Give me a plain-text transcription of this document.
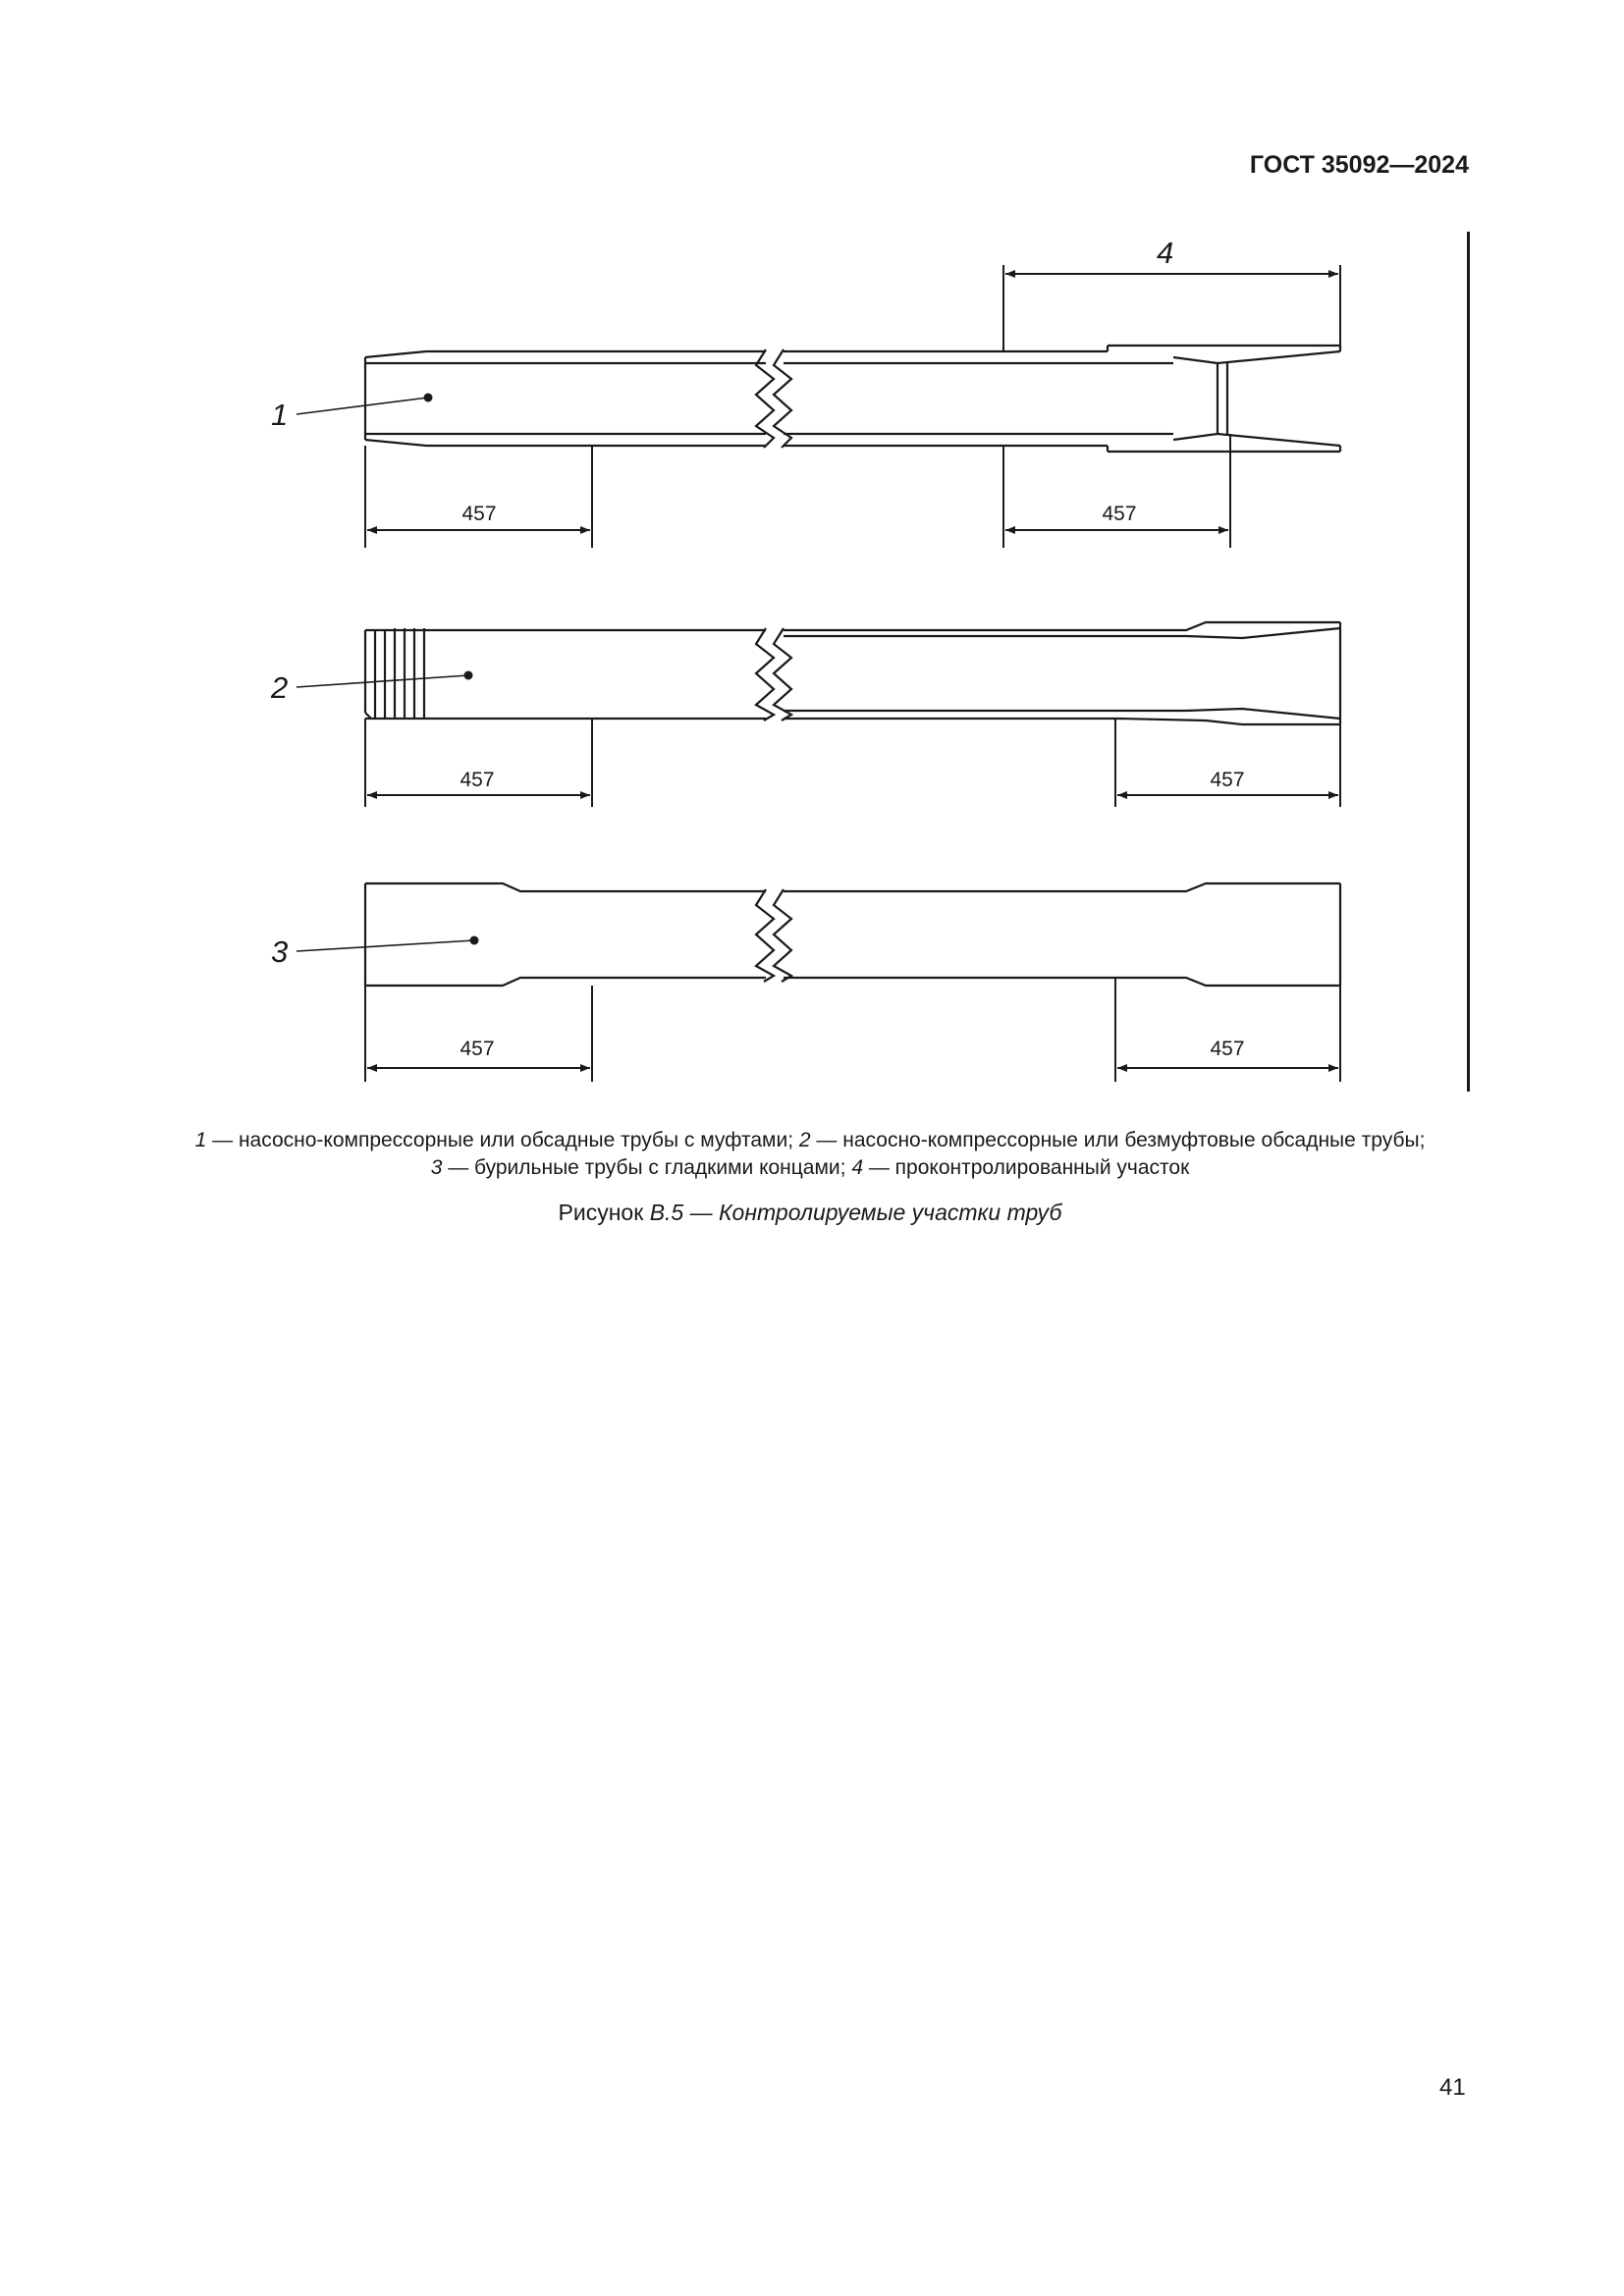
ГОСТ 35092—2024
1
2
3
4
457	457
457	457
457	457
1 — насосно-компрессорные или обсадные трубы с муфтами; 2 — насосно-компрессорные или безмуфтовые обсадные трубы;
3 — бурильные трубы с гладкими концами; 4 — проконтролированный участок
Рисунок В.5 — Контролируемые участки труб
41
